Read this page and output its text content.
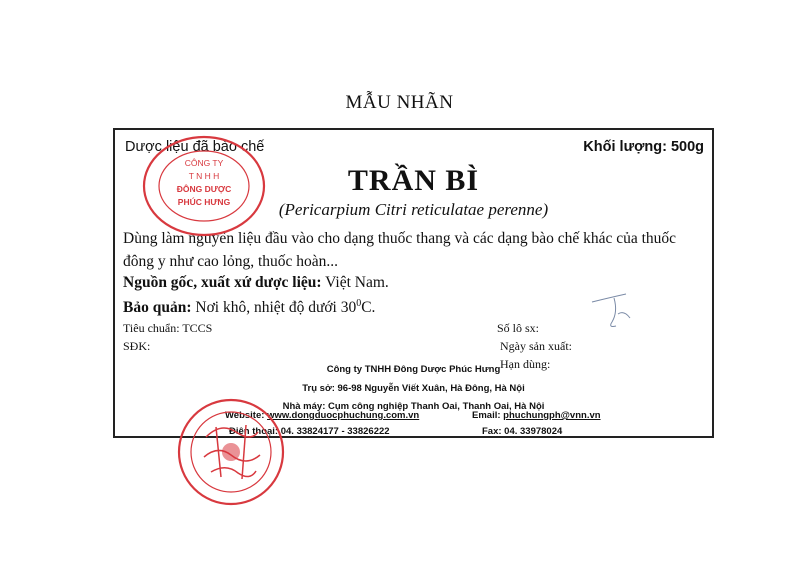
MẪU NHÃN
Dược liệu đã bào chế	Khối lượng: 500g
TRẦN BÌ
(Pericarpium Citri reticulatae perenne)
Dùng làm nguyên liệu đầu vào cho dạng thuốc thang và các dạng bào chế khác của thuốc đông y như cao lỏng, thuốc hoàn...
Nguồn gốc, xuất xứ dược liệu: Việt Nam.
Bảo quản: Nơi khô, nhiệt độ dưới $30^0C$.
Tiêu chuẩn: TCCS
SĐK:
Số lô sx:
Ngày sản xuất:
Hạn dùng:
Công ty TNHH Đông Dược Phúc Hưng
Trụ sở: 96-98 Nguyễn Viết Xuân, Hà Đông, Hà Nội
Nhà máy: Cụm công nghiệp Thanh Oai, Thanh Oai, Hà Nội
Website: www.dongduocphuchung.com.vn	Email: phuchungph@vnn.vn
Điện thoại: 04. 33824177 - 33826222	Fax: 04. 33978024
CÔNG TY
T N H H
ĐÔNG DƯỢC
PHÚC HƯNG
